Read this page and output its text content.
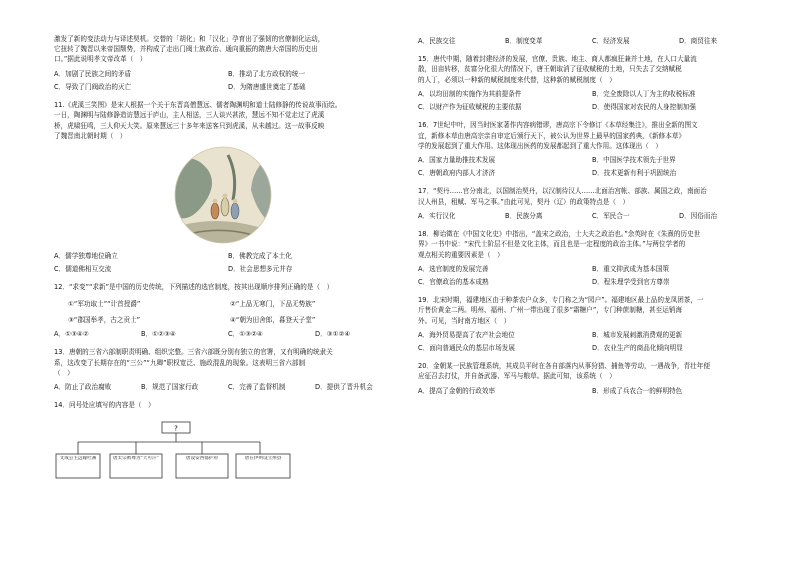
激发了新的变法动力与译述契机。交替的「胡化」和「汉化」孕育出了强韧的官僚制化运动，

它扭转了魏晋以来帝国颓势，并构成了走出门阀士族政治、通向重振的隋唐大帝国的历史出

口。”据此说明孝文帝改革（　）

A．加剧了民族之间的矛盾	B．推动了北方政权的统一
C．导致了门阀政治的灭亡	D．为隋唐盛世奠定了基础

11.《虎溪三笑图》是宋人根据一个关于东晋高僧慧远、儒者陶渊明和道士陆修静的传说故事而绘。

一日，陶渊明与陆修静造访慧远于庐山，主人相送，三人谈兴甚浓，慧远不知不觉走过了虎溪

桥，虎啸狂鸣，三人仰天大笑。原来慧远三十多年来送客只到虎溪，从未越过。这一故事反映

了魏晋南北朝时期（　）

A．儒学独尊地位确立	B．佛教完成了本土化
C．儒道佛相互交流	D．社会思想多元并存

12．“求变”“求新”是中国的历史传统，下列描述的选官制度，按其出现顺序排列正确的是（　）

①“军功取士”“计首授爵”	②“上品无寒门，下品无势族”
③“郡国举孝，古之贡士”	④“朝为田舍郎，暮登天子堂”
A．①③④②	B．①②③④	C．①③②④	D．③①②④

13．唐朝的三省六部制职责明确、组织完整。三省六部既分别有独立的官署，又有明确的统隶关

系，这改变了长期存在的“三公”“九卿”职权宽泛、施政混乱的现象。这表明三省六部制

（　）

A．防止了政治腐败	B．规范了国家行政	C．完善了监督机制	D．提供了晋升机会

14．问号处应填写的内容是（　）

?
文成公主远嫁吐蕃	唐太宗被尊为“天可汗”	唐设安西都护府	唐在伊州设立州县
A．民族交往	B．制度变革	C．经济发展	D．商贸往来

15．唐代中期，随着封建经济的发展，官僚、贵族、地主、商人都疯狂兼并土地，在人口大量流

散，田亩转移，贫富分化很大的情况下，唐王朝取消了征收赋税的土地，只失去了交纳赋税

的人丁，必须以一种新的赋税制度来代替，这种新的赋税制度（　）

A．以均田制的实施作为其前提条件	B．完全废除以人丁为主的收税标准
C．以财产作为征收赋税的主要依据	D．使得国家对农民的人身控制加强

16．7世纪中叶，因当时医家著作内容病错谬，唐高宗下令修订《本草经集注》，推出全新的图文

宜，新修本草由唐高宗亲自审定后颁行天下，被公认为世界上最早的国家药典，《新修本草》

学的发展起到了重大作用。这体现出医药的发展都起到了重大作用。这体现出（　）

A．国家力量助推技术发展	B．中国医学技术领先于世界
C．唐朝政府内部人才济济	D．技术更新有利于巩固统治

17．“契丹……官分南北，以国制治契丹，以汉制待汉人……北面治宫帐、部族、属国之政，南面治

汉人州县，租赋、军马之事。”由此可见，契丹（辽）的政策特点是（　）

A．实行汉化	B．民族分离	C．军民合一	D．因俗而治

18．柳诒徵在《中国文化史》中指出，“盖宋之政治，士大夫之政治也。”余英时在《朱熹的历史世

界》一书中说：“宋代士阶层不但是文化主体，而且也是一定程度的政治主体。”与两位学者的

观点相关的重要因素是（　）

A．选官制度的发展完善	B．重文抑武成为基本国策
C．官僚政治的基本成熟	D．程朱理学受到官方尊崇

19．北宋时期，福建地区由于种茶农户众多，专门称之为“园户”。福建地区最上品的龙凤团茶，一

斤售价黄金二两。明州、福州、广州一带出现了很多“霜糖户”，专门种蔗制糖，甚至运销海

外。可见，当时南方地区（　）

A．海外贸易提高了农产社会地位	B．城市发展刺激消费观的更新
C．面向普通民众的基层市场发展	D．农业生产的商品化倾向明显

20．金朝某一民族管理系统，其成员平时在各自部落内从事狩猎、捕鱼等劳动，一遇战争，青壮年便

应征召去打仗，并自备武器、军马与粮草。据此可知，该系统（　）

A．提高了金朝的行政效率	B．形成了兵农合一的鲜明特色
